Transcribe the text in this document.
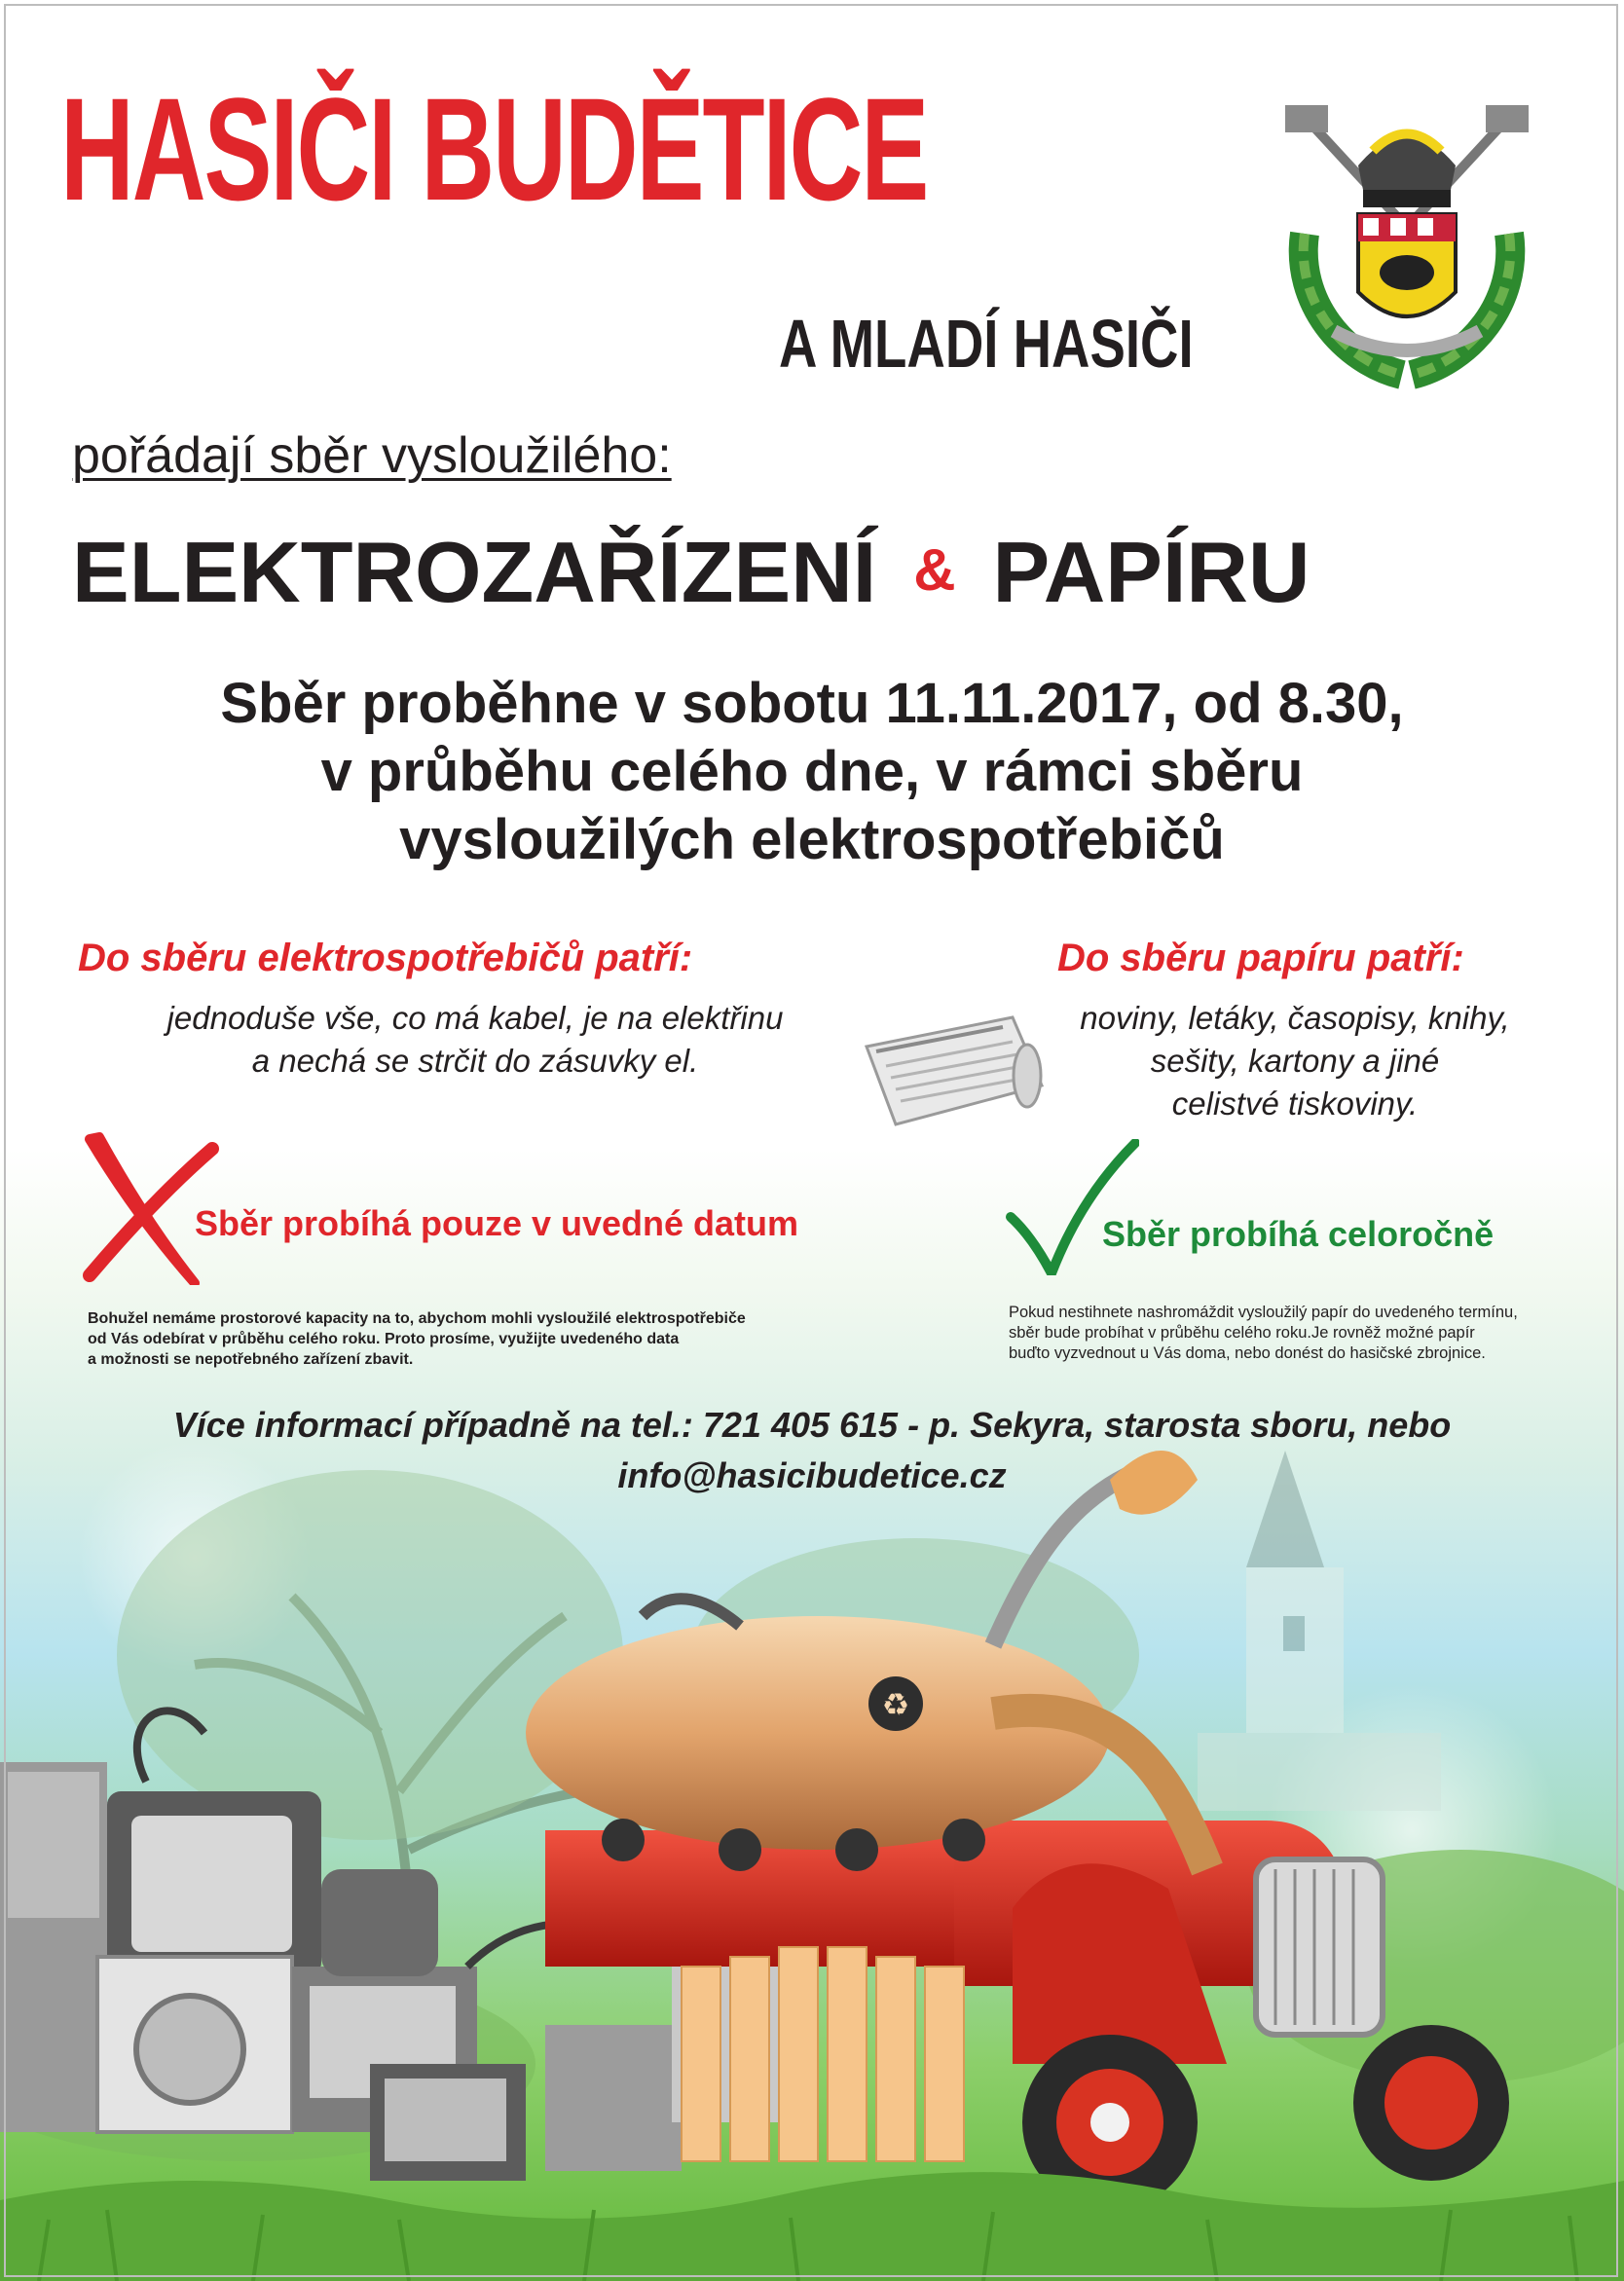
♻
HASIČI BUDĚTICE
A MLADÍ HASIČI
pořádají sběr vysloužilého:
ELEKTROZAŘÍZENÍ & PAPÍRU
Sběr proběhne v sobotu 11.11.2017, od 8.30,
v průběhu celého dne, v rámci sběru
vysloužilých elektrospotřebičů
Do sběru elektrospotřebičů patří:
jednoduše vše, co má kabel, je na elektřinu
a nechá se strčit do zásuvky el.
Do sběru papíru patří:
noviny, letáky, časopisy, knihy,
sešity, kartony a jiné
celistvé tiskoviny.
Sběr probíhá pouze v uvedné datum	Sběr probíhá celoročně
Bohužel nemáme prostorové kapacity na to, abychom mohli vysloužilé elektrospotřebiče
od Vás odebírat v průběhu celého roku. Proto prosíme, využijte uvedeného data
a možnosti se nepotřebného zařízení zbavit.
Pokud nestihnete nashromáždit vysloužilý papír do uvedeného termínu,
sběr bude probíhat v průběhu celého roku.Je rovněž možné papír
buďto vyzvednout u Vás doma, nebo donést do hasičské zbrojnice.
Více informací případně na tel.: 721 405 615 - p. Sekyra, starosta sboru, nebo
info@hasicibudetice.cz
